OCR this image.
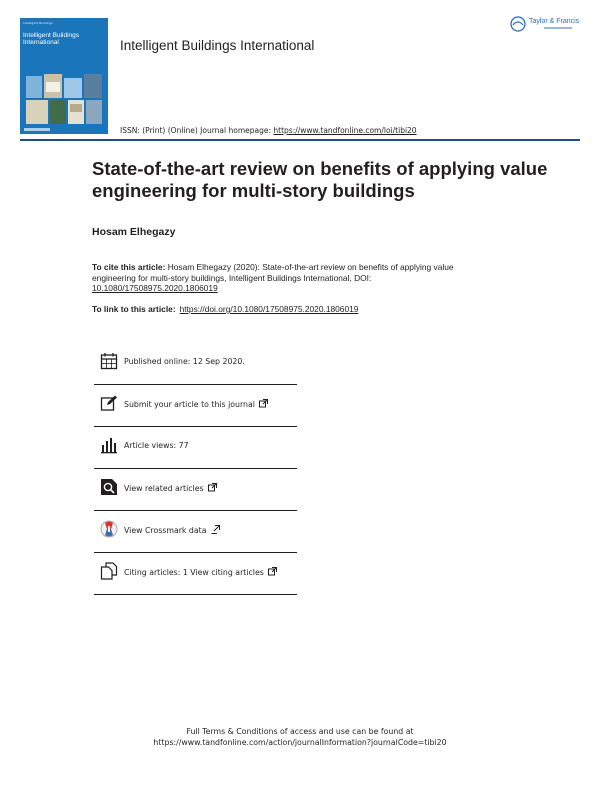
Intelligent Buildings
Intelligent Buildings International	Intelligent Buildings International
ISSN: (Print) (Online) Journal homepage: https://www.tandfonline.com/loi/tibi20
Taylor & Francis
State-of-the-art review on benefits of applying value engineering for multi-story buildings
Hosam Elhegazy
To cite this article: Hosam Elhegazy (2020): State-of-the-art review on benefits of applying value engineering for multi-story buildings, Intelligent Buildings International, DOI: 10.1080/17508975.2020.1806019
To link to this article: https://doi.org/10.1080/17508975.2020.1806019
Published online: 12 Sep 2020.
Submit your article to this journal
Article views: 77
View related articles
View Crossmark data
Citing articles: 1 View citing articles
Full Terms & Conditions of access and use can be found at
https://www.tandfonline.com/action/journalInformation?journalCode=tibi20
